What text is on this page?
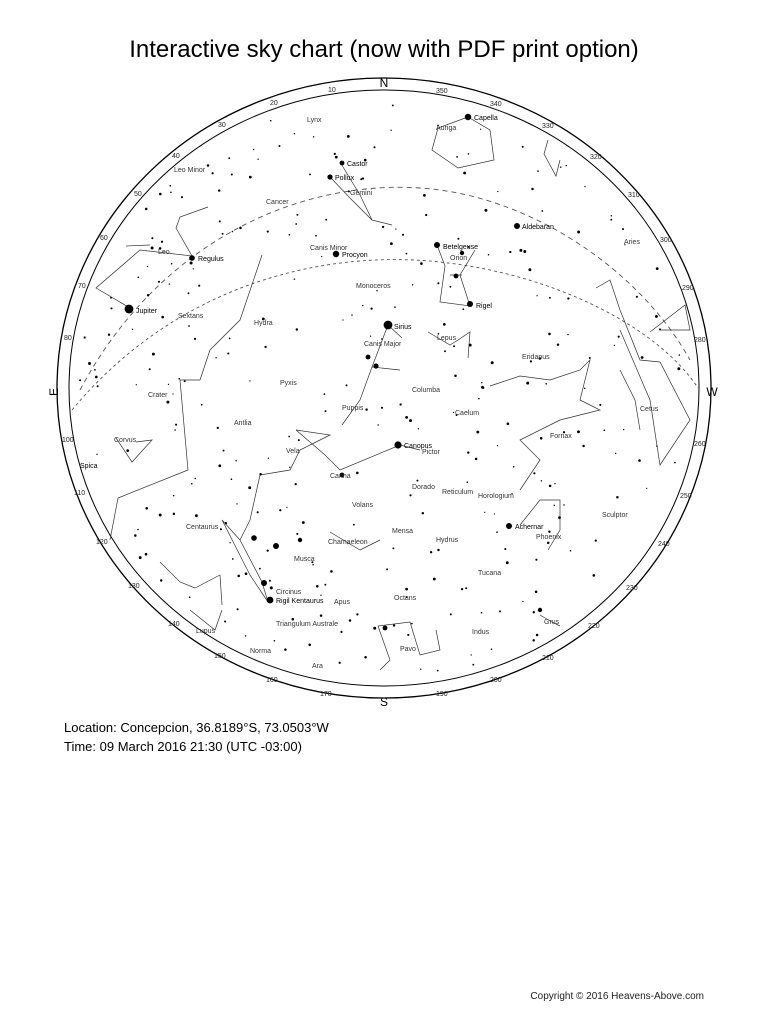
Interactive sky chart (now with PDF print option)
N
S
E	W
10
20
30
40
50
60
70
80
100
110
120
130
140
150
160
170	190
200
210
220
230
240
250
260
280
290
300
310
320
330
340
350
Capella
Castor
Pollux
Aldebaran
Betelgeuse
Procyon
Jupiter
Regulus
Rigel
Sirius
Canopus
Spica
Achernar
Rigil Kentaurus
Lynx
Auriga
Leo Minor
Gemini
Cancer
Leo
Canis Minor
Orion
Monoceros
Sextans
Hydra
Aries
Canis Major
Lepus
Eridanus
Crater
Pyxis
Columba
Caelum
Cetus
Antlia
Puppis
Vela
Fornax
Corvus
Pictor
Dorado
Reticulum
Horologium
Carina
Volans
Sculptor
Centaurus
Mensa
Hydrus	Phoenix
Chamaeleon
Musca
Tucana
Circinus
Apus
Octans
Lupus
Triangulum Australe
Indus
Grus
Norma	Pavo
Ara
Location: Concepcion, 36.8189°S, 73.0503°W
Time: 09 March 2016 21:30 (UTC -03:00)
Copyright © 2016 Heavens-Above.com
